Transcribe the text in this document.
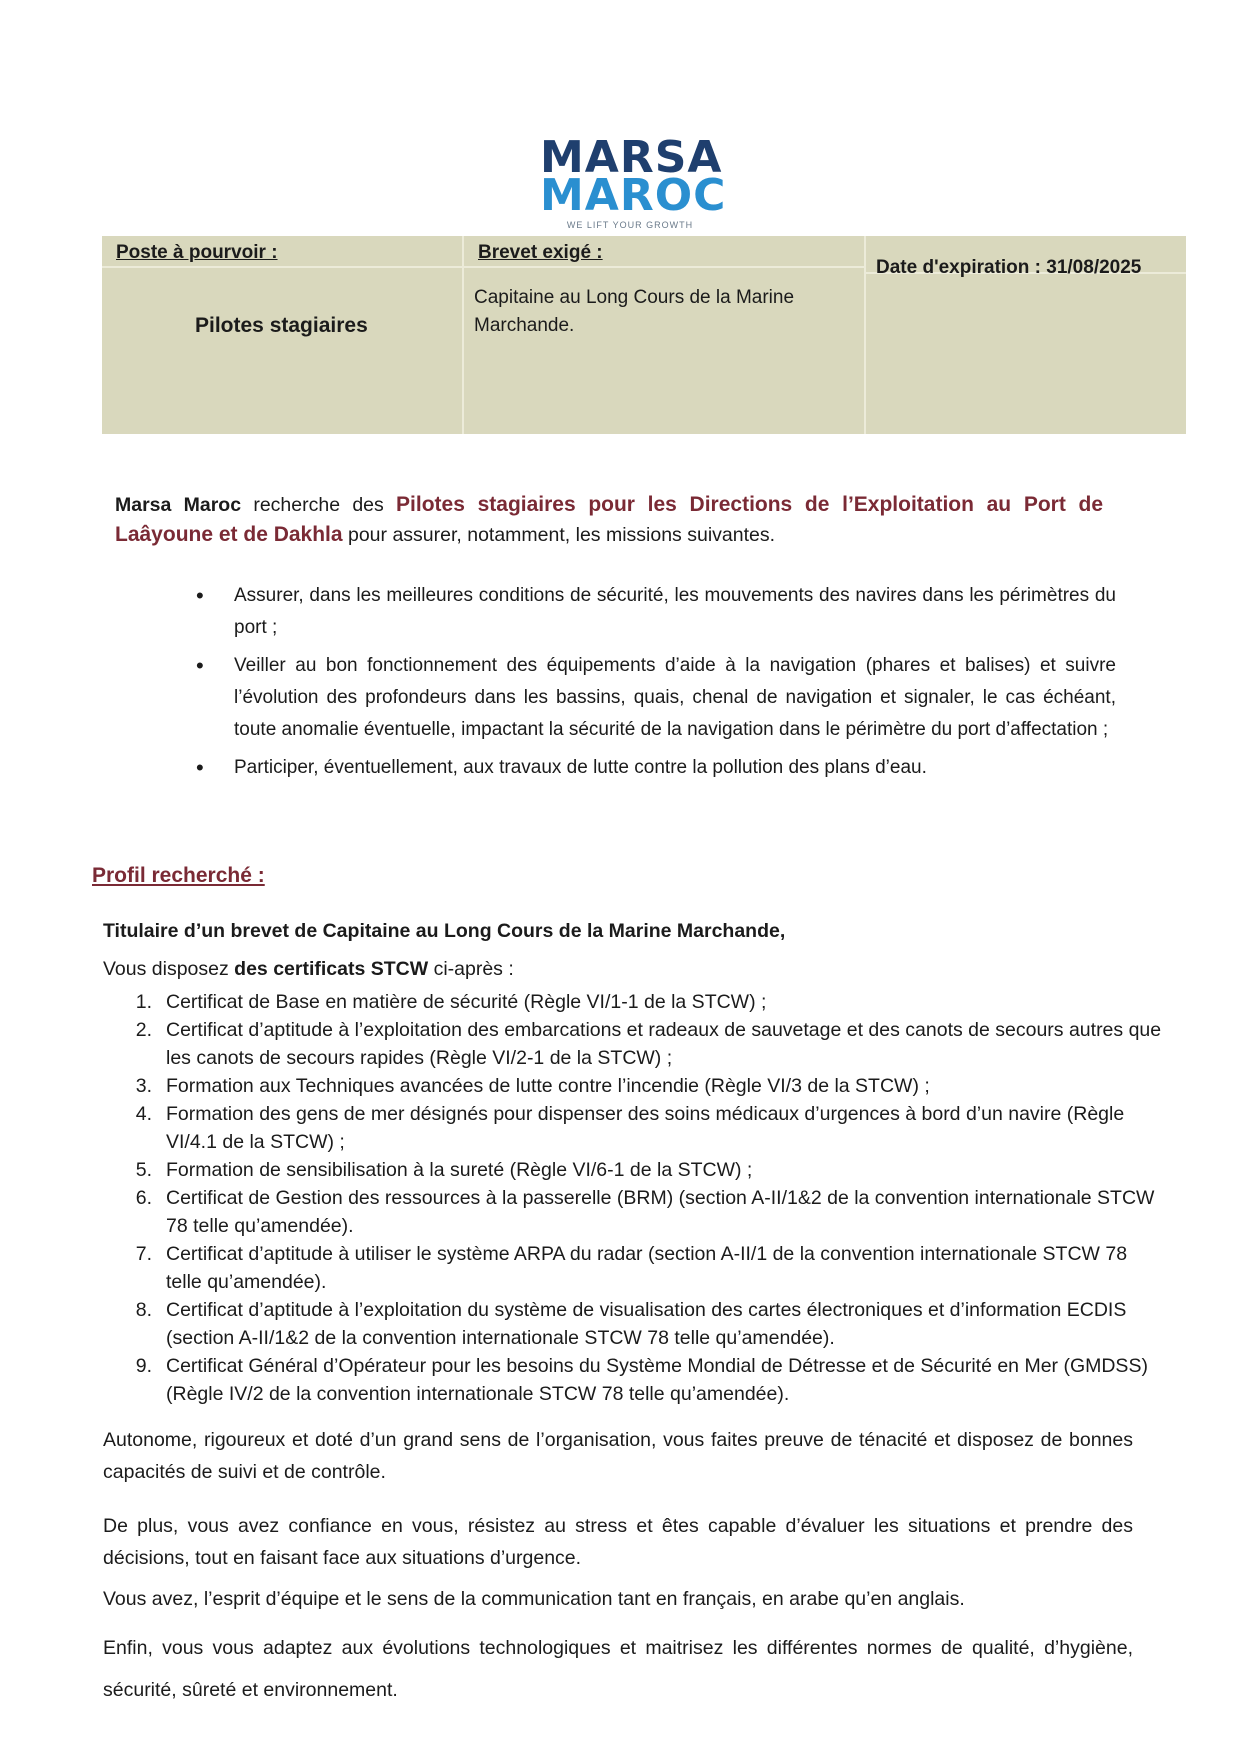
MARSA
MAROC
WE LIFT YOUR GROWTH
Poste à pourvoir :
Pilotes stagiaires
Brevet exigé :
Capitaine au Long Cours de la Marine Marchande.
Date d'expiration : 31/08/2025
Marsa Maroc recherche des Pilotes stagiaires pour les Directions de l’Exploitation au Port de Laâyoune et de Dakhla pour assurer, notamment, les missions suivantes.
• Assurer, dans les meilleures conditions de sécurité, les mouvements des navires dans les périmètres du port ;
• Veiller au bon fonctionnement des équipements d’aide à la navigation (phares et balises) et suivre l’évolution des profondeurs dans les bassins, quais, chenal de navigation et signaler, le cas échéant, toute anomalie éventuelle, impactant la sécurité de la navigation dans le périmètre du port d’affectation ;
• Participer, éventuellement, aux travaux de lutte contre la pollution des plans d’eau.
Profil recherché :
Titulaire d’un brevet de Capitaine au Long Cours de la Marine Marchande,
Vous disposez des certificats STCW ci-après :
1. Certificat de Base en matière de sécurité (Règle VI/1-1 de la STCW) ;
2. Certificat d’aptitude à l’exploitation des embarcations et radeaux de sauvetage et des canots de secours autres que les canots de secours rapides (Règle VI/2-1 de la STCW) ;
3. Formation aux Techniques avancées de lutte contre l’incendie (Règle VI/3 de la STCW) ;
4. Formation des gens de mer désignés pour dispenser des soins médicaux d’urgences à bord d’un navire (Règle VI/4.1 de la STCW) ;
5. Formation de sensibilisation à la sureté (Règle VI/6-1 de la STCW) ;
6. Certificat de Gestion des ressources à la passerelle (BRM) (section A-II/1&2 de la convention internationale STCW 78 telle qu’amendée).
7. Certificat d’aptitude à utiliser le système ARPA du radar (section A-II/1 de la convention internationale STCW 78 telle qu’amendée).
8. Certificat d’aptitude à l’exploitation du système de visualisation des cartes électroniques et d’information ECDIS (section A-II/1&2 de la convention internationale STCW 78 telle qu’amendée).
9. Certificat Général d’Opérateur pour les besoins du Système Mondial de Détresse et de Sécurité en Mer (GMDSS) (Règle IV/2 de la convention internationale STCW 78 telle qu’amendée).
Autonome, rigoureux et doté d’un grand sens de l’organisation, vous faites preuve de ténacité et disposez de bonnes capacités de suivi et de contrôle.
De plus, vous avez confiance en vous, résistez au stress et êtes capable d’évaluer les situations et prendre des décisions, tout en faisant face aux situations d’urgence.
Vous avez, l’esprit d’équipe et le sens de la communication tant en français, en arabe qu’en anglais.
Enfin, vous vous adaptez aux évolutions technologiques et maitrisez les différentes normes de qualité, d’hygiène, sécurité, sûreté et environnement.
